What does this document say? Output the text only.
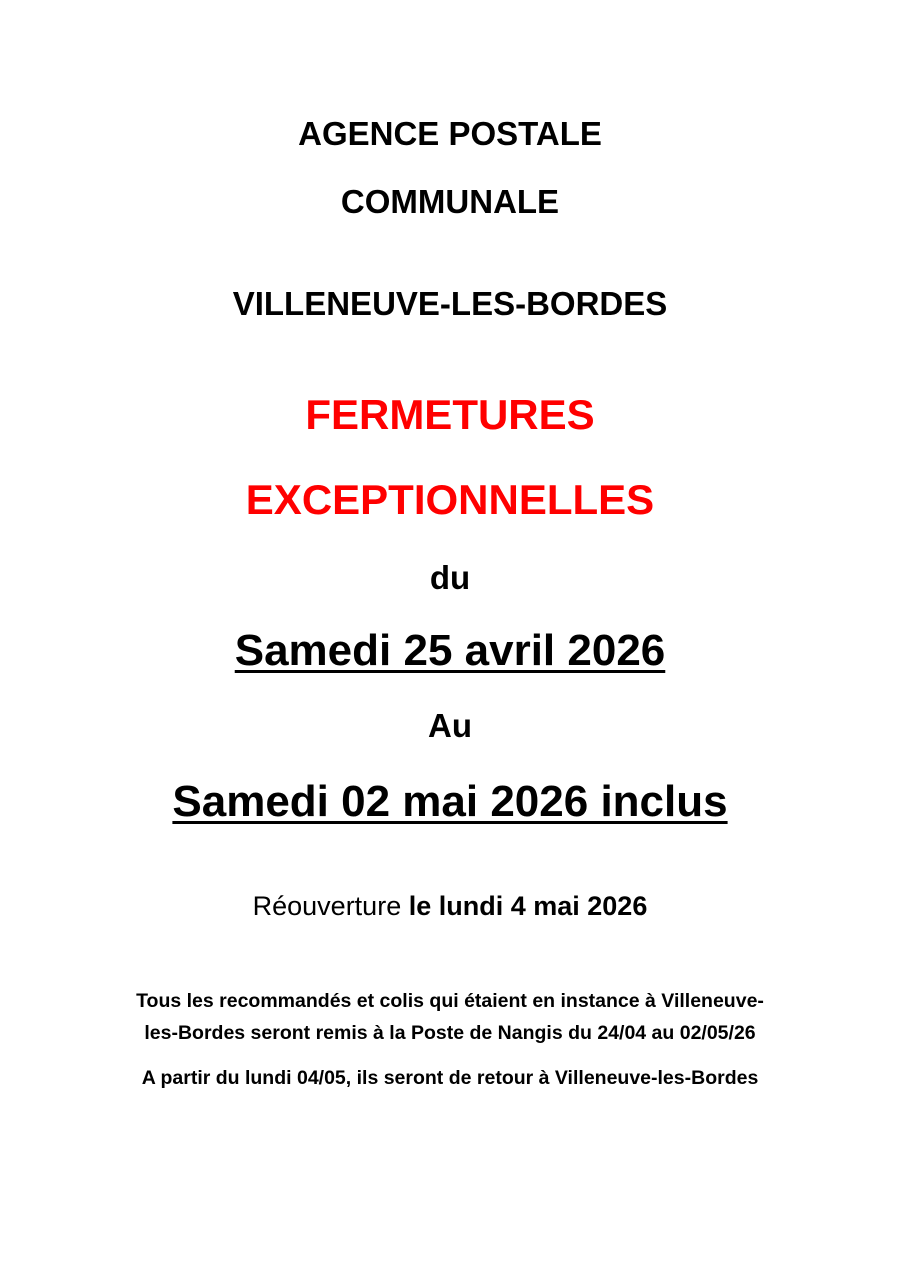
AGENCE POSTALE
COMMUNALE
VILLENEUVE-LES-BORDES
FERMETURES
EXCEPTIONNELLES
du
Samedi 25 avril 2026
Au
Samedi 02 mai 2026 inclus
Réouverture le lundi 4 mai 2026
Tous les recommandés et colis qui étaient en instance à Villeneuve-
les-Bordes seront remis à la Poste de Nangis du 24/04 au 02/05/26
A partir du lundi 04/05, ils seront de retour à Villeneuve-les-Bordes
